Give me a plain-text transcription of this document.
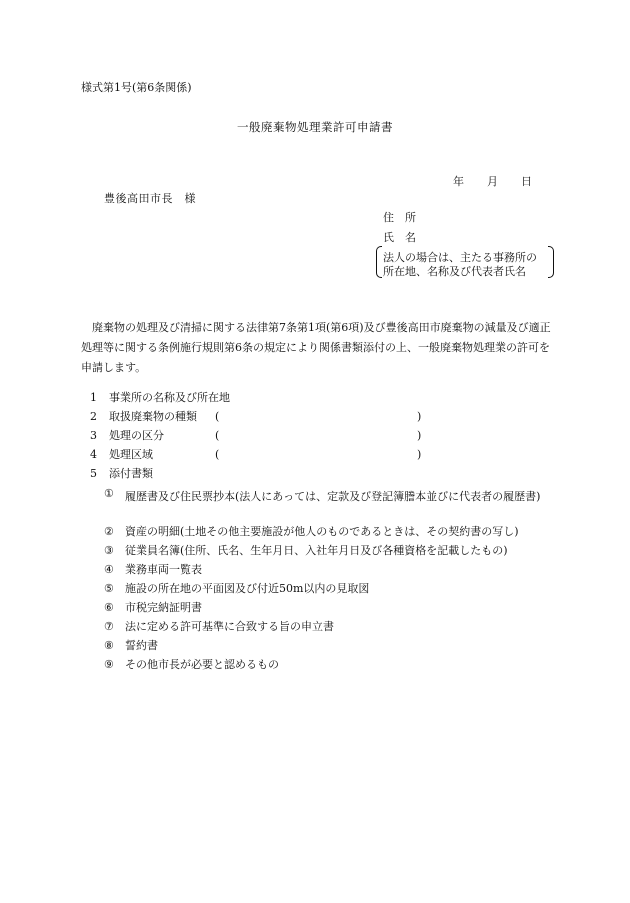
様式第1号(第6条関係)
一般廃棄物処理業許可申請書
年 月 日
豊後高田市長　様
住　所
氏　名
法人の場合は、主たる事務所の
所在地、名称及び代表者氏名
廃棄物の処理及び清掃に関する法律第7条第1項(第6項)及び豊後高田市廃棄物の減量及び適正処理等に関する条例施行規則第6条の規定により関係書類添付の上、一般廃棄物処理業の許可を申請します。
1 事業所の名称及び所在地
2 取扱廃棄物の種類 (	)
3 処理の区分	(	)
4 処理区域	(	)
5 添付書類
① 履歴書及び住民票抄本(法人にあっては、定款及び登記簿謄本並びに代表者の履歴書)
② 資産の明細(土地その他主要施設が他人のものであるときは、その契約書の写し)
③ 従業員名簿(住所、氏名、生年月日、入社年月日及び各種資格を記載したもの)
④ 業務車両一覧表
⑤ 施設の所在地の平面図及び付近50m以内の見取図
⑥ 市税完納証明書
⑦ 法に定める許可基準に合致する旨の申立書
⑧ 誓約書
⑨ その他市長が必要と認めるもの
